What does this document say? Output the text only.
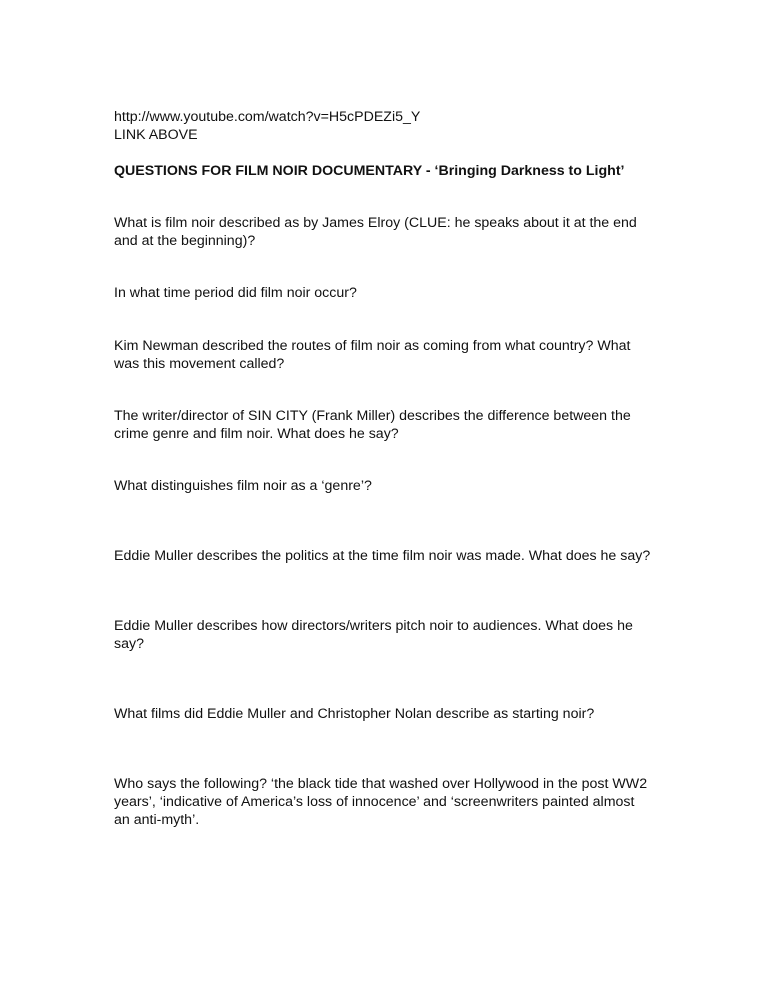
http://www.youtube.com/watch?v=H5cPDEZi5_Y
LINK ABOVE
QUESTIONS FOR FILM NOIR DOCUMENTARY - ‘Bringing Darkness to Light’
What is film noir described as by James Elroy (CLUE: he speaks about it at the end and at the beginning)?
In what time period did film noir occur?
Kim Newman described the routes of film noir as coming from what country? What was this movement called?
The writer/director of SIN CITY (Frank Miller) describes the difference between the crime genre and film noir. What does he say?
What distinguishes film noir as a ‘genre’?
Eddie Muller describes the politics at the time film noir was made. What does he say?
Eddie Muller describes how directors/writers pitch noir to audiences. What does he say?
What films did Eddie Muller and Christopher Nolan describe as starting noir?
Who says the following? ‘the black tide that washed over Hollywood in the post WW2 years’, ‘indicative of America’s loss of innocence’ and ‘screenwriters painted almost an anti-myth’.
